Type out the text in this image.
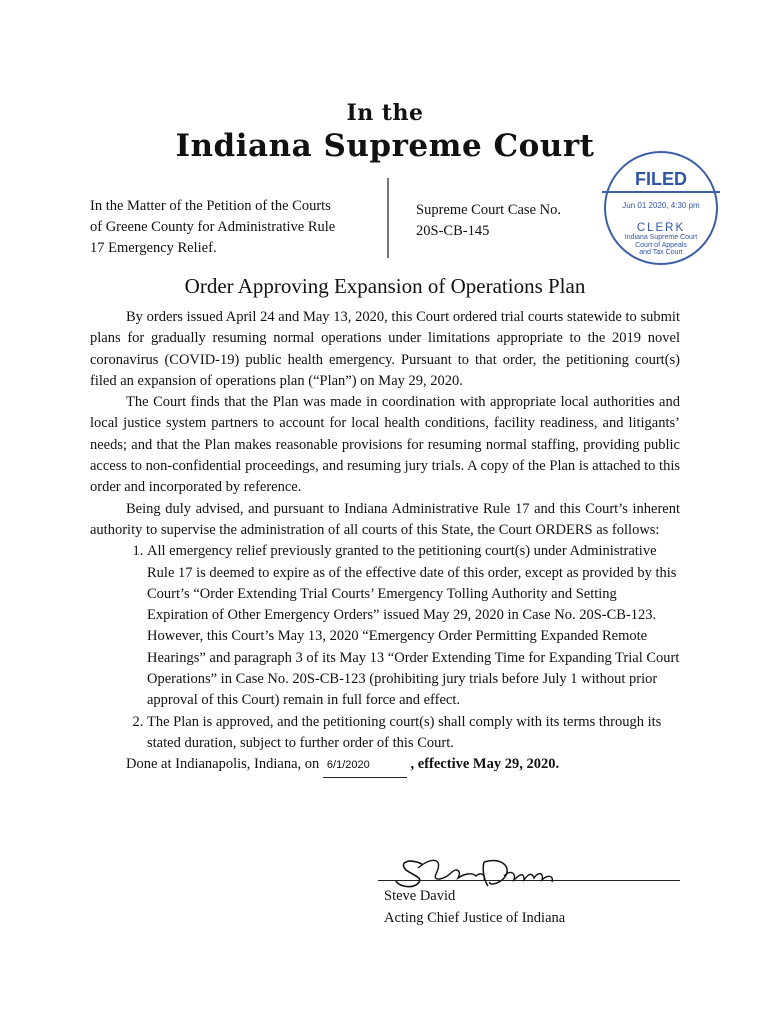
In the
Indiana Supreme Court
In the Matter of the Petition of the Courts
of Greene County for Administrative Rule
17 Emergency Relief.
Supreme Court Case No.
20S-CB-145
FILED
Jun 01 2020, 4:30 pm
CLERK
Indiana Supreme Court
Court of Appeals
and Tax Court
Order Approving Expansion of Operations Plan

By orders issued April 24 and May 13, 2020, this Court ordered trial courts statewide to submit plans for gradually resuming normal operations under limitations appropriate to the 2019 novel coronavirus (COVID-19) public health emergency. Pursuant to that order, the petitioning court(s) filed an expansion of operations plan (“Plan”) on May 29, 2020.

The Court finds that the Plan was made in coordination with appropriate local authorities and local justice system partners to account for local health conditions, facility readiness, and litigants’ needs; and that the Plan makes reasonable provisions for resuming normal staffing, providing public access to non-confidential proceedings, and resuming jury trials. A copy of the Plan is attached to this order and incorporated by reference.

Being duly advised, and pursuant to Indiana Administrative Rule 17 and this Court’s inherent authority to supervise the administration of all courts of this State, the Court ORDERS as follows:

1. All emergency relief previously granted to the petitioning court(s) under Administrative Rule 17 is deemed to expire as of the effective date of this order, except as provided by this Court’s “Order Extending Trial Courts’ Emergency Tolling Authority and Setting Expiration of Other Emergency Orders” issued May 29, 2020 in Case No. 20S-CB-123. However, this Court’s May 13, 2020 “Emergency Order Permitting Expanded Remote Hearings” and paragraph 3 of its May 13 “Order Extending Time for Expanding Trial Court Operations” in Case No. 20S-CB-123 (prohibiting jury trials before July 1 without prior approval of this Court) remain in full force and effect.
2. The Plan is approved, and the petitioning court(s) shall comply with its terms through its stated duration, subject to further order of this Court.
Done at Indianapolis, Indiana, on 6/1/2020	, effective May 29, 2020.
Steve David
Acting Chief Justice of Indiana
